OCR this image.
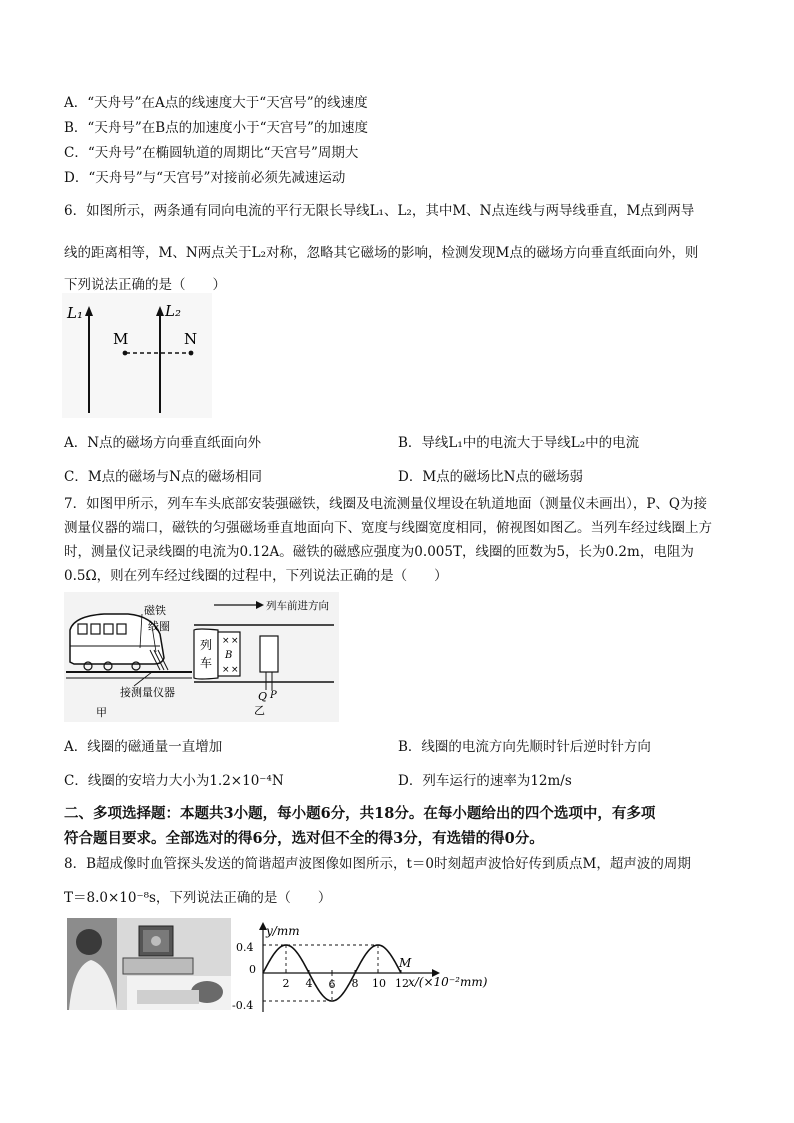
A．“天舟号”在A点的线速度大于“天宫号”的线速度
B．“天舟号”在B点的加速度小于“天宫号”的加速度
C．“天舟号”在椭圆轨道的周期比“天宫号”周期大
D．“天舟号”与“天宫号”对接前必须先减速运动
6．如图所示，两条通有同向电流的平行无限长导线L₁、L₂，其中M、N点连线与两导线垂直，M点到两导
线的距离相等，M、N两点关于L₂对称，忽略其它磁场的影响，检测发现M点的磁场方向垂直纸面向外，则
下列说法正确的是（　　）
L₁	L₂
M	N
A．N点的磁场方向垂直纸面向外	B．导线L₁中的电流大于导线L₂中的电流
C．M点的磁场与N点的磁场相同	D．M点的磁场比N点的磁场弱
7．如图甲所示，列车车头底部安装强磁铁，线圈及电流测量仪埋设在轨道地面（测量仪未画出），P、Q为接
测量仪器的端口，磁铁的匀强磁场垂直地面向下、宽度与线圈宽度相同，俯视图如图乙。当列车经过线圈上方
时，测量仪记录线圈的电流为0.12A。磁铁的磁感应强度为0.005T，线圈的匝数为5，长为0.2m，电阻为
0.5Ω，则在列车经过线圈的过程中，下列说法正确的是（　　）
磁铁
线圈
接测量仪器
甲
列车前进方向
× ×
× ×
B
列
车
Q P
乙
A．线圈的磁通量一直增加	B．线圈的电流方向先顺时针后逆时针方向
C．线圈的安培力大小为1.2×10⁻⁴N	D．列车运行的速率为12m/s
二、多项选择题：本题共3小题，每小题6分，共18分。在每小题给出的四个选项中，有多项
符合题目要求。全部选对的得6分，选对但不全的得3分，有选错的得0分。
8．B超成像时血管探头发送的简谐超声波图像如图所示，t＝0时刻超声波恰好传到质点M，超声波的周期
T＝8.0×10⁻⁸s，下列说法正确的是（　　）
2 4 6 8 10 12
M
y/mm
x/(×10⁻²mm)
0
0.4
-0.4
